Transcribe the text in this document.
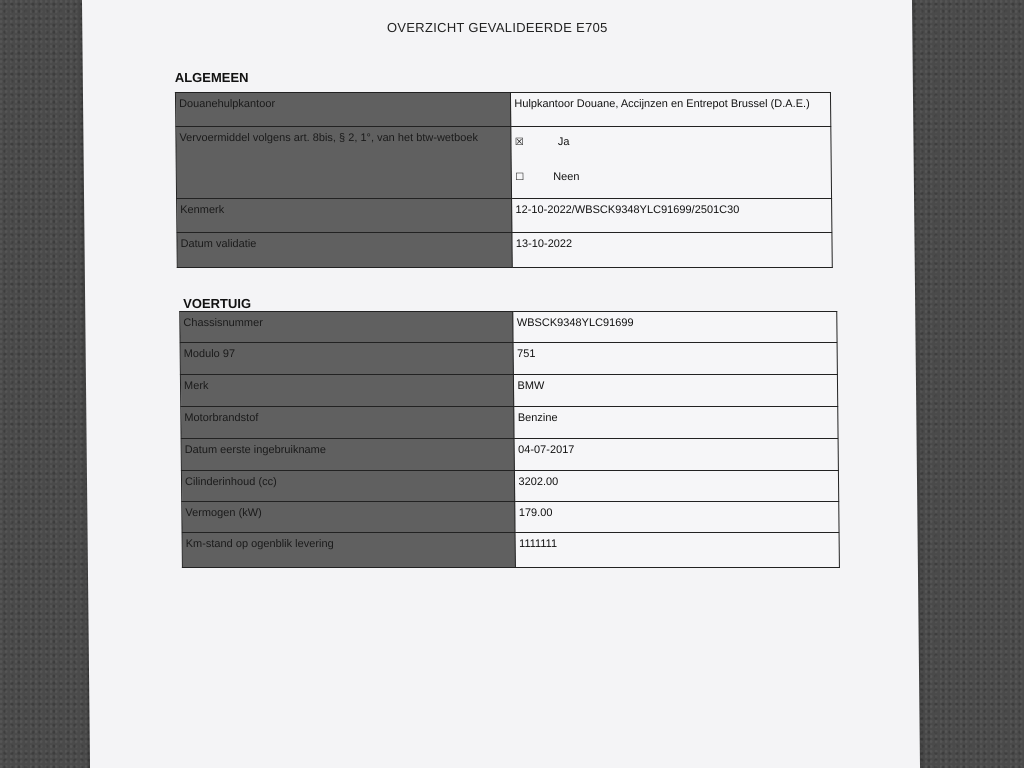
OVERZICHT GEVALIDEERDE E705
ALGEMEEN
Douanehulpkantoor	Hulpkantoor Douane, Accijnzen en Entrepot Brussel (D.A.E.)
Vervoermiddel volgens art. 8bis, § 2, 1°, van het btw-wetboek	☒ Ja
☐ Neen

Kenmerk	12-10-2022/WBSCK9348YLC91699/2501C30
Datum validatie	13-10-2022
VOERTUIG
Chassisnummer	WBSCK9348YLC91699
Modulo 97	751
Merk	BMW
Motorbrandstof	Benzine
Datum eerste ingebruikname	04-07-2017
Cilinderinhoud (cc)	3202.00
Vermogen (kW)	179.00
Km-stand op ogenblik levering	1111111
